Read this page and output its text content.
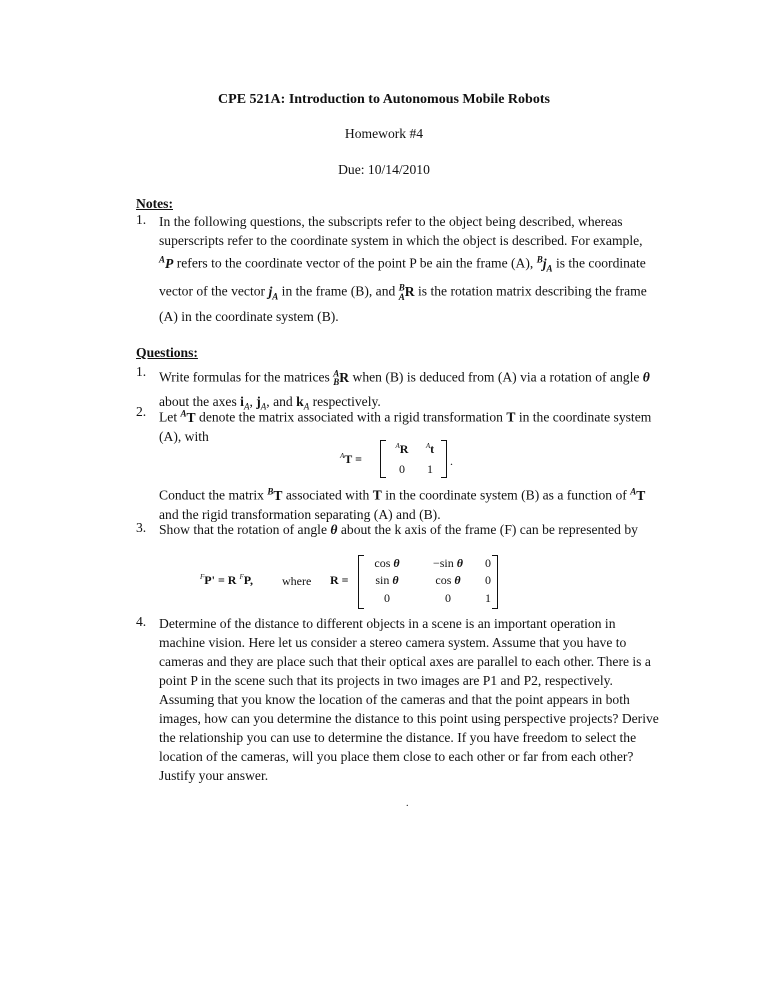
CPE 521A: Introduction to Autonomous Mobile Robots
Homework #4
Due: 10/14/2010
Notes:
1. In the following questions, the subscripts refer to the object being described, whereas superscripts refer to the coordinate system in which the object is described. For example, $^A$P refers to the coordinate vector of the point P be ain the frame (A), $^Bj_A$ is the coordinate vector of the vector $j_A$ in the frame (B), and $^B_A$R is the rotation matrix describing the frame (A) in the coordinate system (B).
Questions:
1. Write formulas for the matrices $^A_B$R when (B) is deduced from (A) via a rotation of angle θ about the axes $i_A$, $j_A$, and $k_A$ respectively.
2. Let $^A$T denote the matrix associated with a rigid transformation T in the coordinate system (A), with
$^A$T =
$^A$R	$^A$t
0	1
.
Conduct the matrix $^B$T associated with T in the coordinate system (B) as a function of $^A$T and the rigid transformation separating (A) and (B).
3. Show that the rotation of angle θ about the k axis of the frame (F) can be represented by
$^F$P' = R $^F$P, where R =
cos θ	−sin θ	0
sin θ	cos θ	0
0	0	1
4. Determine of the distance to different objects in a scene is an important operation in machine vision. Here let us consider a stereo camera system. Assume that you have to cameras and they are place such that their optical axes are parallel to each other. There is a point P in the scene such that its projects in two images are P1 and P2, respectively. Assuming that you know the location of the cameras and that the point appears in both images, how can you determine the distance to this point using perspective projects? Derive the relationship you can use to determine the distance. If you have freedom to select the location of the cameras, will you place them close to each other or far from each other? Justify your answer.
.
